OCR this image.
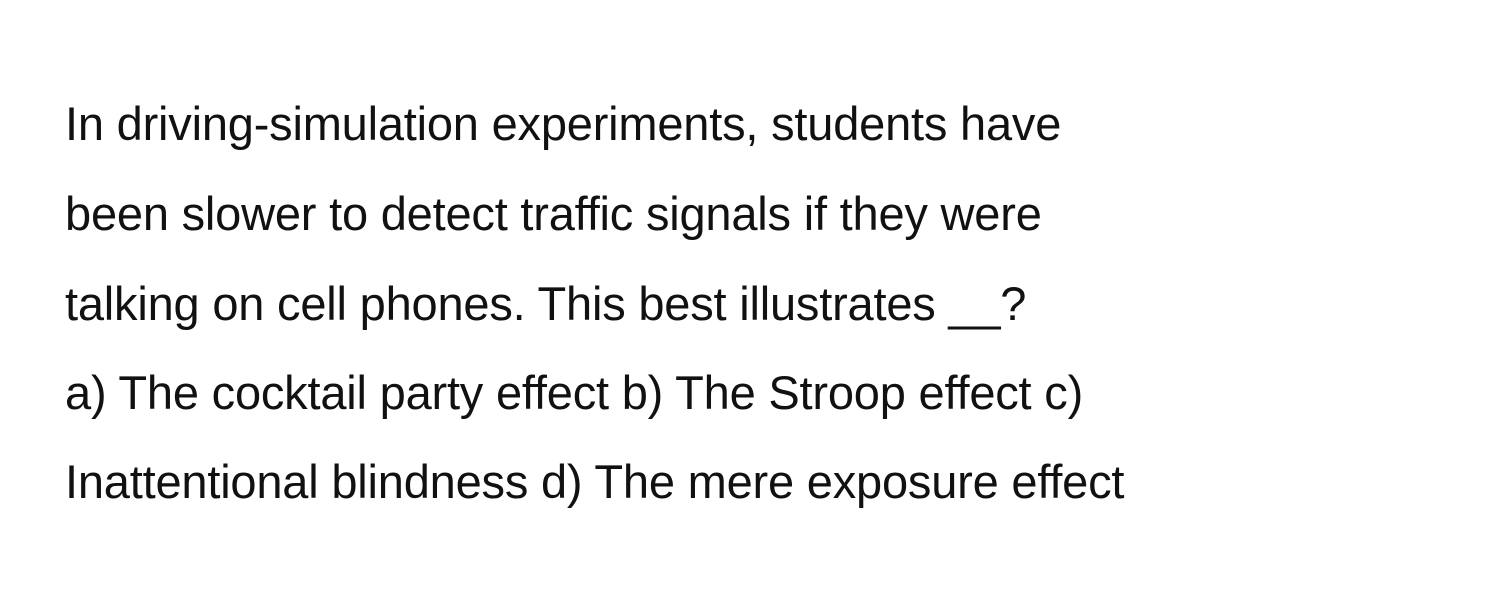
In driving-simulation experiments, students have
been slower to detect traffic signals if they were
talking on cell phones. This best illustrates __?
a) The cocktail party effect b) The Stroop effect c)
Inattentional blindness d) The mere exposure effect
